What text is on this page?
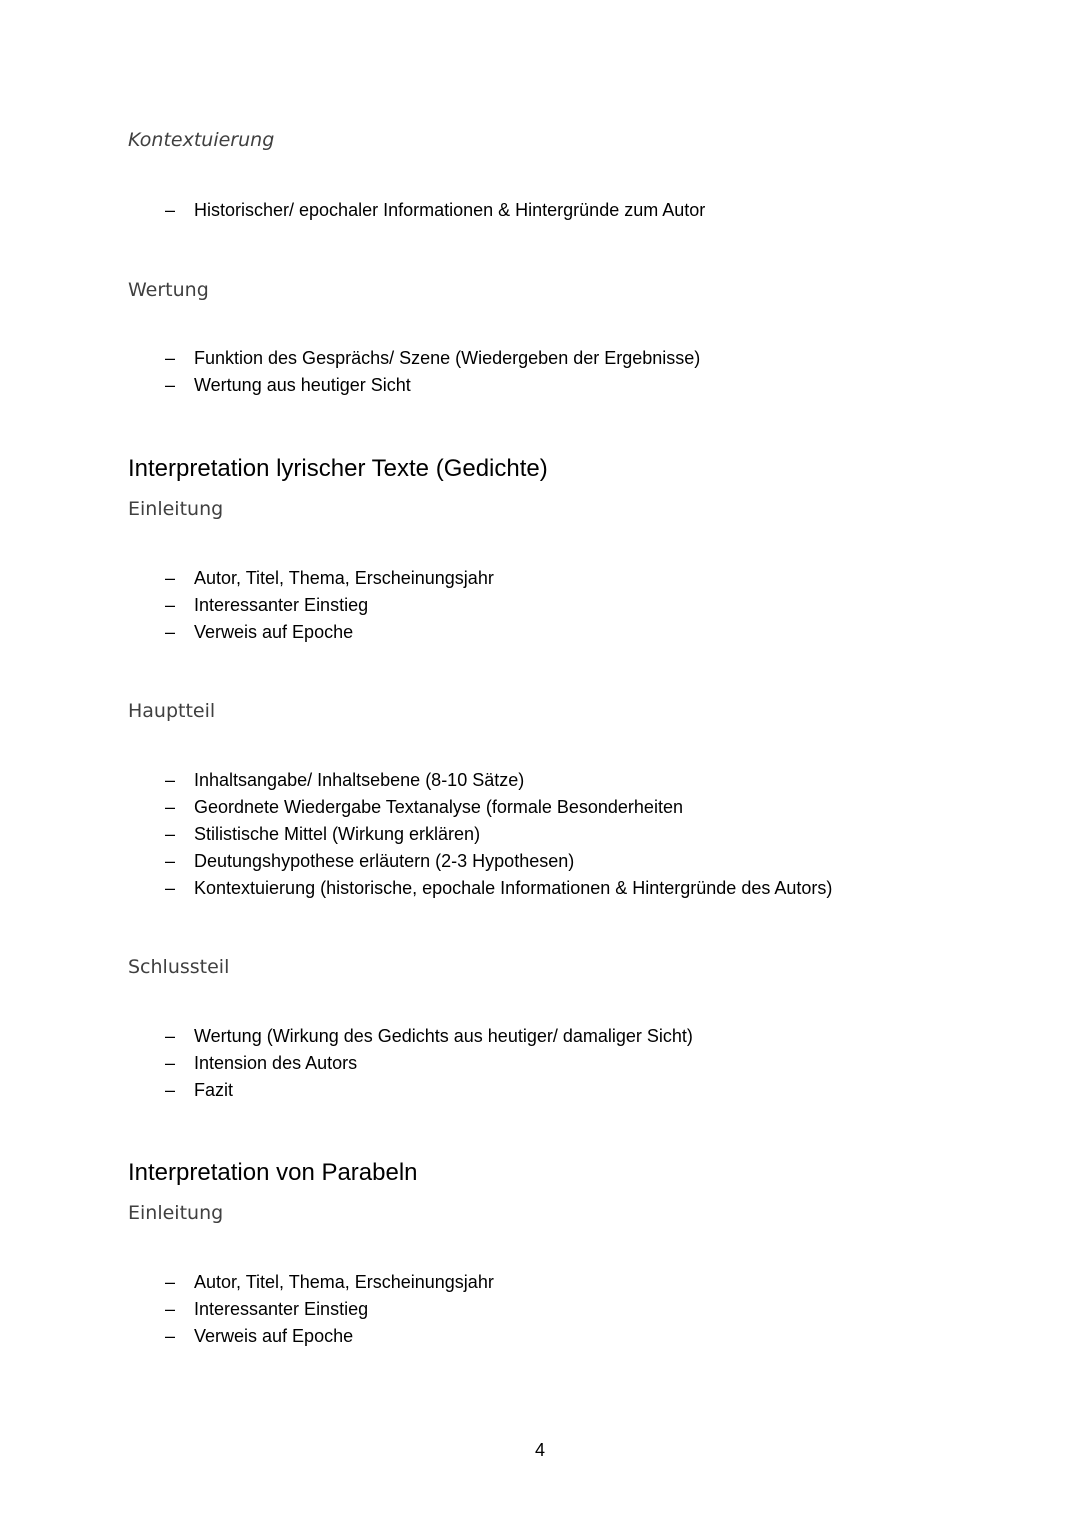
Kontextuierung
– Historischer/ epochaler Informationen & Hintergründe zum Autor
Wertung
– Funktion des Gesprächs/ Szene (Wiedergeben der Ergebnisse)
– Wertung aus heutiger Sicht
Interpretation lyrischer Texte (Gedichte)
Einleitung
– Autor, Titel, Thema, Erscheinungsjahr
– Interessanter Einstieg
– Verweis auf Epoche
Hauptteil
– Inhaltsangabe/ Inhaltsebene (8-10 Sätze)
– Geordnete Wiedergabe Textanalyse (formale Besonderheiten
– Stilistische Mittel (Wirkung erklären)
– Deutungshypothese erläutern (2-3 Hypothesen)
– Kontextuierung (historische, epochale Informationen & Hintergründe des Autors)
Schlussteil
– Wertung (Wirkung des Gedichts aus heutiger/ damaliger Sicht)
– Intension des Autors
– Fazit
Interpretation von Parabeln
Einleitung
– Autor, Titel, Thema, Erscheinungsjahr
– Interessanter Einstieg
– Verweis auf Epoche
4
